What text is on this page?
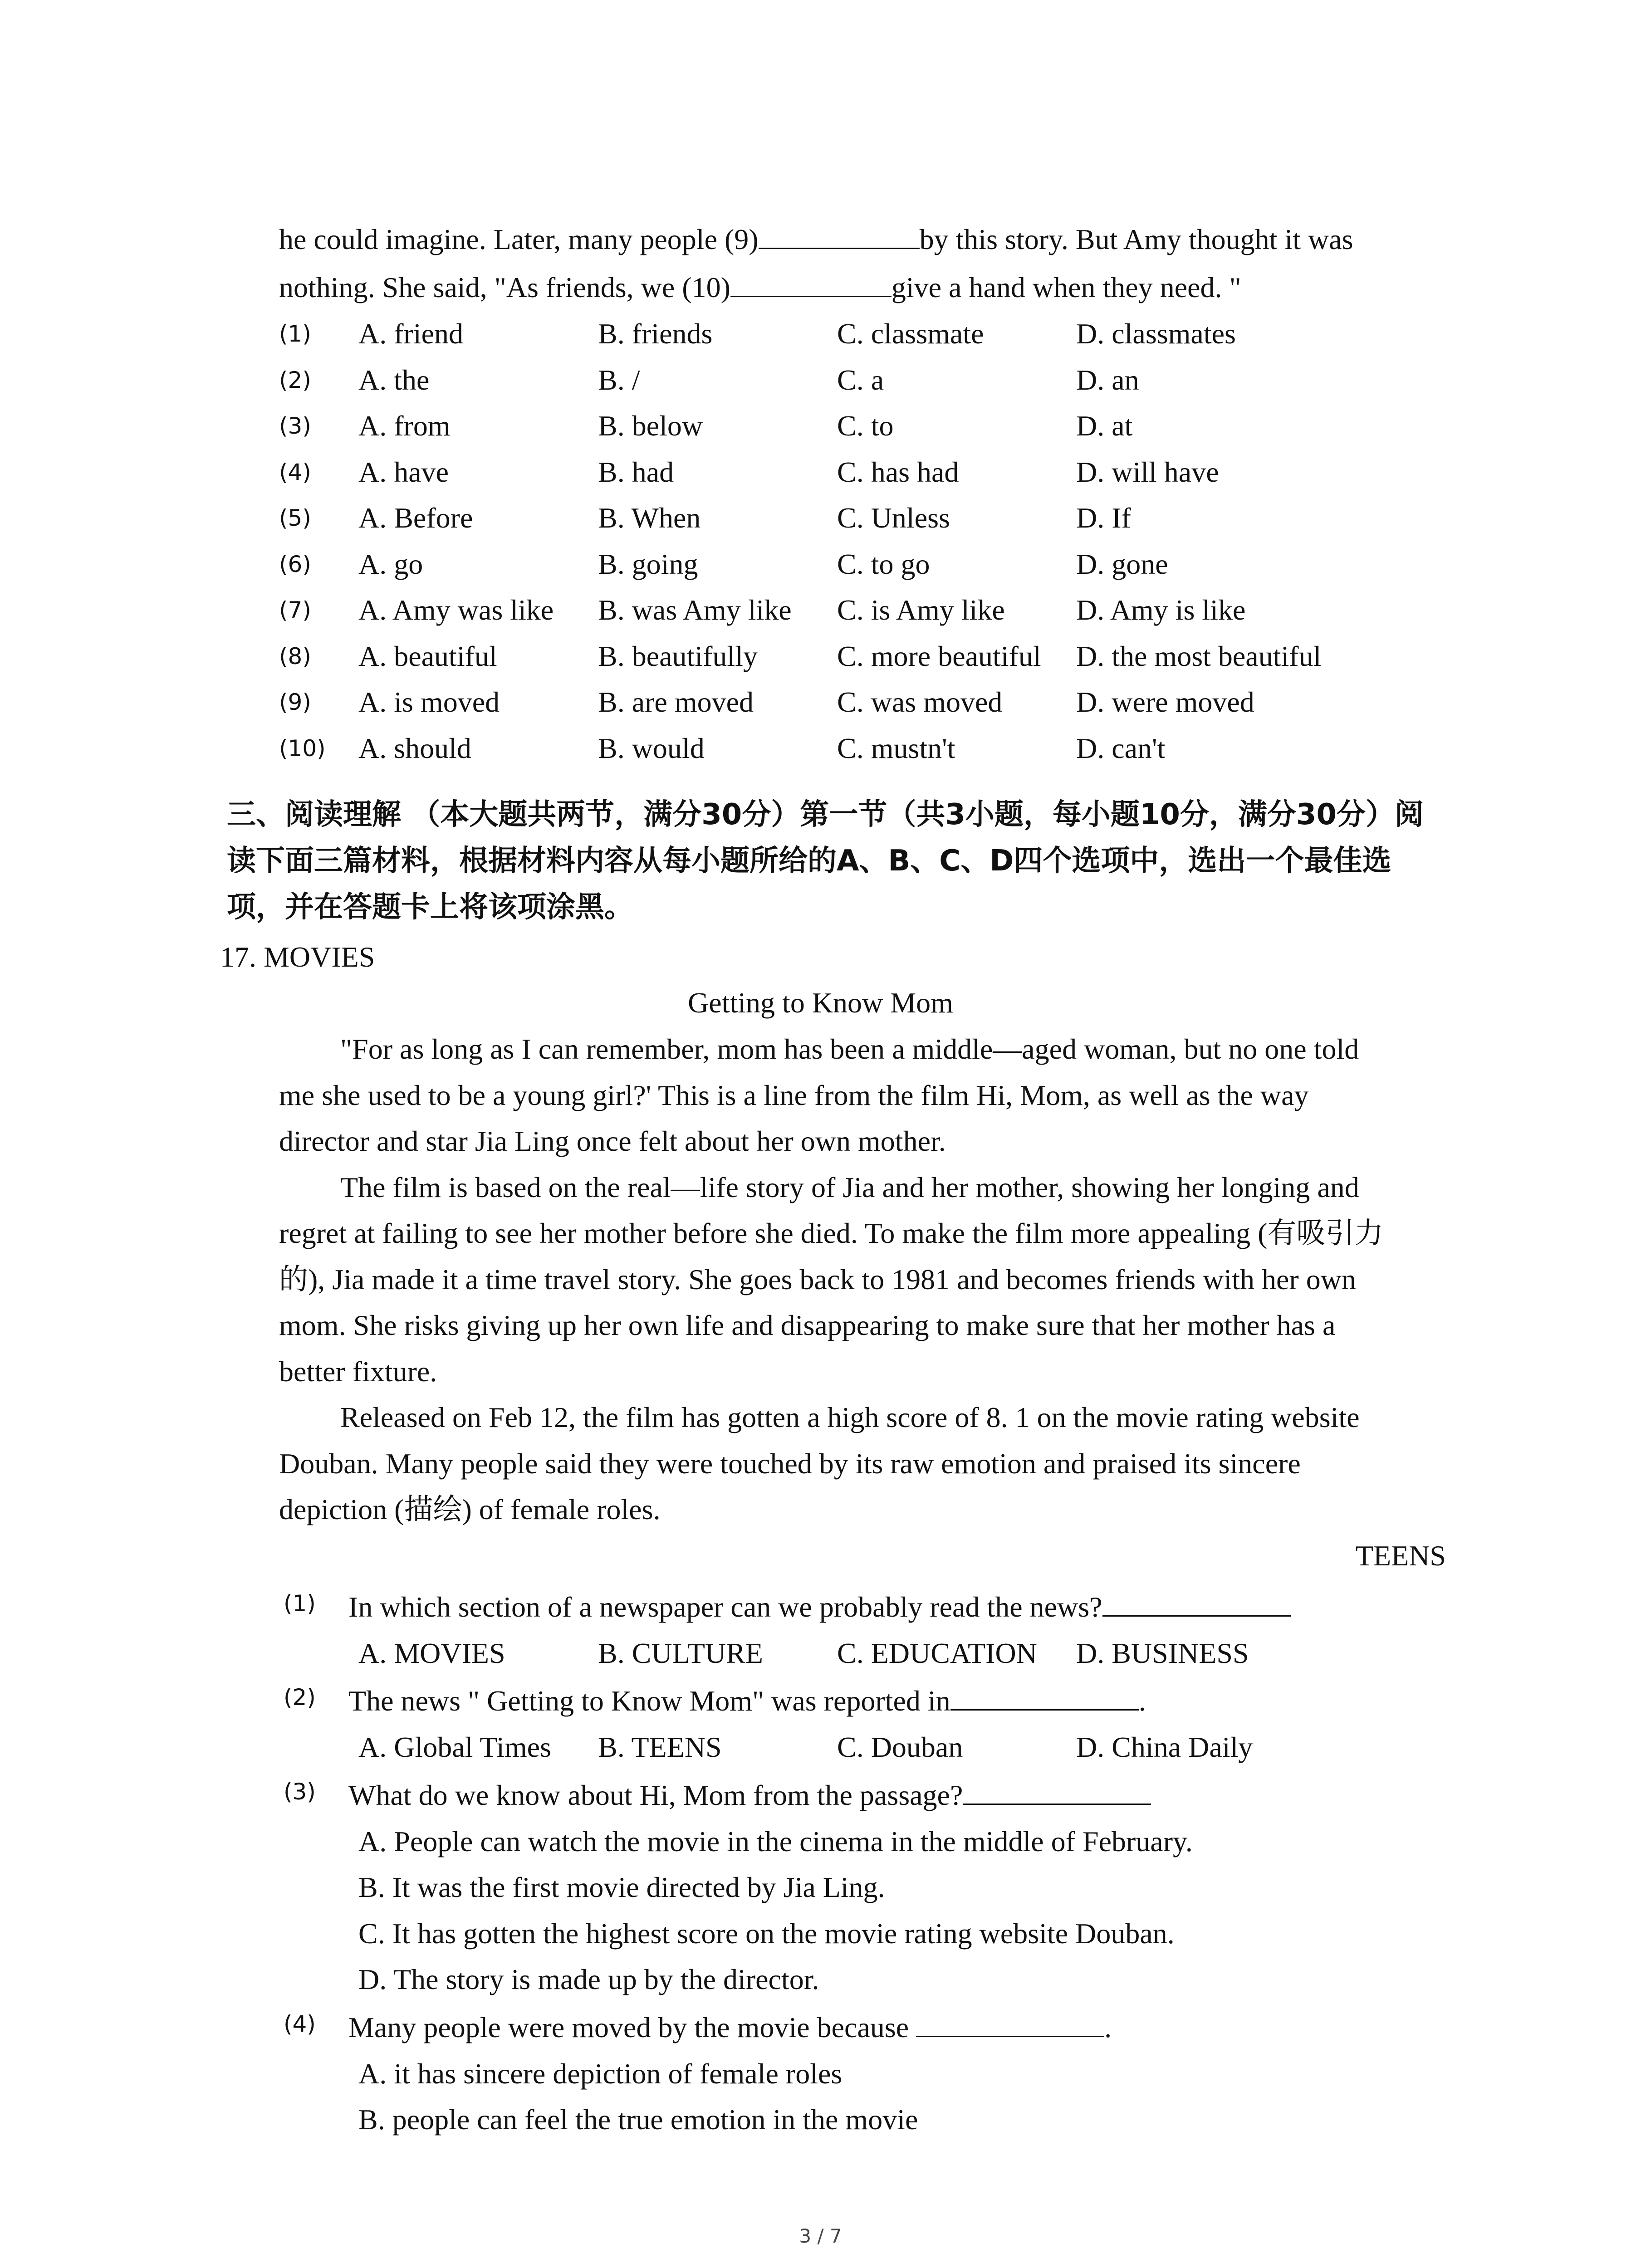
he could imagine. Later, many people (9)	by this story. But Amy thought it was
nothing. She said, "As friends, we (10)	give a hand when they need. "
(1) A. friend	B. friends	C. classmate	D. classmates
(2) A. the	B. /	C. a	D. an
(3) A. from	B. below	C. to	D. at
(4) A. have	B. had	C. has had	D. will have
(5) A. Before	B. When	C. Unless	D. If
(6) A. go	B. going	C. to go	D. gone
(7) A. Amy was like B. was Amy like C. is Amy like D. Amy is like
(8) A. beautiful	B. beautifully	C. more beautiful D. the most beautiful
(9) A. is moved	B. are moved	C. was moved	D. were moved
(10) A. should	B. would	C. mustn't	D. can't
三、阅读理解 （本大题共两节，满分30分）第一节（共3小题，每小题10分，满分30分）阅
读下面三篇材料，根据材料内容从每小题所给的A、B、C、D四个选项中，选出一个最佳选
项，并在答题卡上将该项涂黑。
17. MOVIES
Getting to Know Mom
"For as long as I can remember, mom has been a middle—aged woman, but no one told
me she used to be a young girl?' This is a line from the film Hi, Mom, as well as the way
director and star Jia Ling once felt about her own mother.
The film is based on the real—life story of Jia and her mother, showing her longing and
regret at failing to see her mother before she died. To make the film more appealing (有吸引力
的), Jia made it a time travel story. She goes back to 1981 and becomes friends with her own
mom. She risks giving up her own life and disappearing to make sure that her mother has a
better fixture.
Released on Feb 12, the film has gotten a high score of 8. 1 on the movie rating website
Douban. Many people said they were touched by its raw emotion and praised its sincere
depiction (描绘) of female roles.
TEENS
(1) In which section of a newspaper can we probably read the news?
A. MOVIES	B. CULTURE	C. EDUCATION D. BUSINESS
(2) The news " Getting to Know Mom" was reported in	.
A. Global Times B. TEENS	C. Douban	D. China Daily
(3) What do we know about Hi, Mom from the passage?
A. People can watch the movie in the cinema in the middle of February.
B. It was the first movie directed by Jia Ling.
C. It has gotten the highest score on the movie rating website Douban.
D. The story is made up by the director.
(4) Many people were moved by the movie because	.
A. it has sincere depiction of female roles
B. people can feel the true emotion in the movie
3 / 7
